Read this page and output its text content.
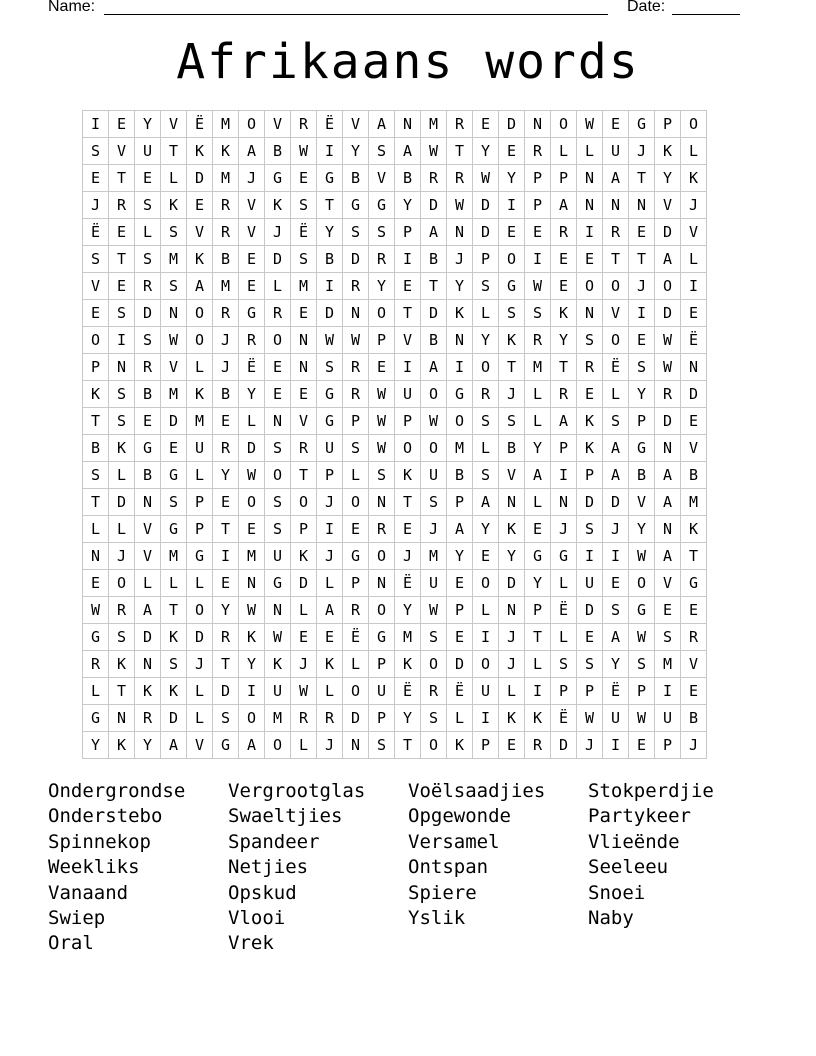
Name:	Date:
Afrikaans words
I	E	Y	V	Ë	M	O	V	R	Ë	V	A	N	M	R	E	D	N	O	W	E	G	P	O
S	V	U	T	K	K	A	B	W	I	Y	S	A	W	T	Y	E	R	L	L	U	J	K	L
E	T	E	L	D	M	J	G	E	G	B	V	B	R	R	W	Y	P	P	N	A	T	Y	K
J	R	S	K	E	R	V	K	S	T	G	G	Y	D	W	D	I	P	A	N	N	N	V	J
Ë	E	L	S	V	R	V	J	Ë	Y	S	S	P	A	N	D	E	E	R	I	R	E	D	V
S	T	S	M	K	B	E	D	S	B	D	R	I	B	J	P	O	I	E	E	T	T	A	L
V	E	R	S	A	M	E	L	M	I	R	Y	E	T	Y	S	G	W	E	O	O	J	O	I
E	S	D	N	O	R	G	R	E	D	N	O	T	D	K	L	S	S	K	N	V	I	D	E
O	I	S	W	O	J	R	O	N	W	W	P	V	B	N	Y	K	R	Y	S	O	E	W	Ë
P	N	R	V	L	J	Ë	E	N	S	R	E	I	A	I	O	T	M	T	R	Ë	S	W	N
K	S	B	M	K	B	Y	E	E	G	R	W	U	O	G	R	J	L	R	E	L	Y	R	D
T	S	E	D	M	E	L	N	V	G	P	W	P	W	O	S	S	L	A	K	S	P	D	E
B	K	G	E	U	R	D	S	R	U	S	W	O	O	M	L	B	Y	P	K	A	G	N	V
S	L	B	G	L	Y	W	O	T	P	L	S	K	U	B	S	V	A	I	P	A	B	A	B
T	D	N	S	P	E	O	S	O	J	O	N	T	S	P	A	N	L	N	D	D	V	A	M
L	L	V	G	P	T	E	S	P	I	E	R	E	J	A	Y	K	E	J	S	J	Y	N	K
N	J	V	M	G	I	M	U	K	J	G	O	J	M	Y	E	Y	G	G	I	I	W	A	T
E	O	L	L	L	E	N	G	D	L	P	N	Ë	U	E	O	D	Y	L	U	E	O	V	G
W	R	A	T	O	Y	W	N	L	A	R	O	Y	W	P	L	N	P	Ë	D	S	G	E	E
G	S	D	K	D	R	K	W	E	E	Ë	G	M	S	E	I	J	T	L	E	A	W	S	R
R	K	N	S	J	T	Y	K	J	K	L	P	K	O	D	O	J	L	S	S	Y	S	M	V
L	T	K	K	L	D	I	U	W	L	O	U	Ë	R	Ë	U	L	I	P	P	Ë	P	I	E
G	N	R	D	L	S	O	M	R	R	D	P	Y	S	L	I	K	K	Ë	W	U	W	U	B
Y	K	Y	A	V	G	A	O	L	J	N	S	T	O	K	P	E	R	D	J	I	E	P	J
Ondergrondse	Vergrootglas	Voëlsaadjies	Stokperdjie
Onderstebo	Swaeltjies	Opgewonde	Partykeer
Spinnekop	Spandeer	Versamel	Vlieënde
Weekliks	Netjies	Ontspan	Seeleeu
Vanaand	Opskud	Spiere	Snoei
Swiep	Vlooi	Yslik	Naby
Oral	Vrek
